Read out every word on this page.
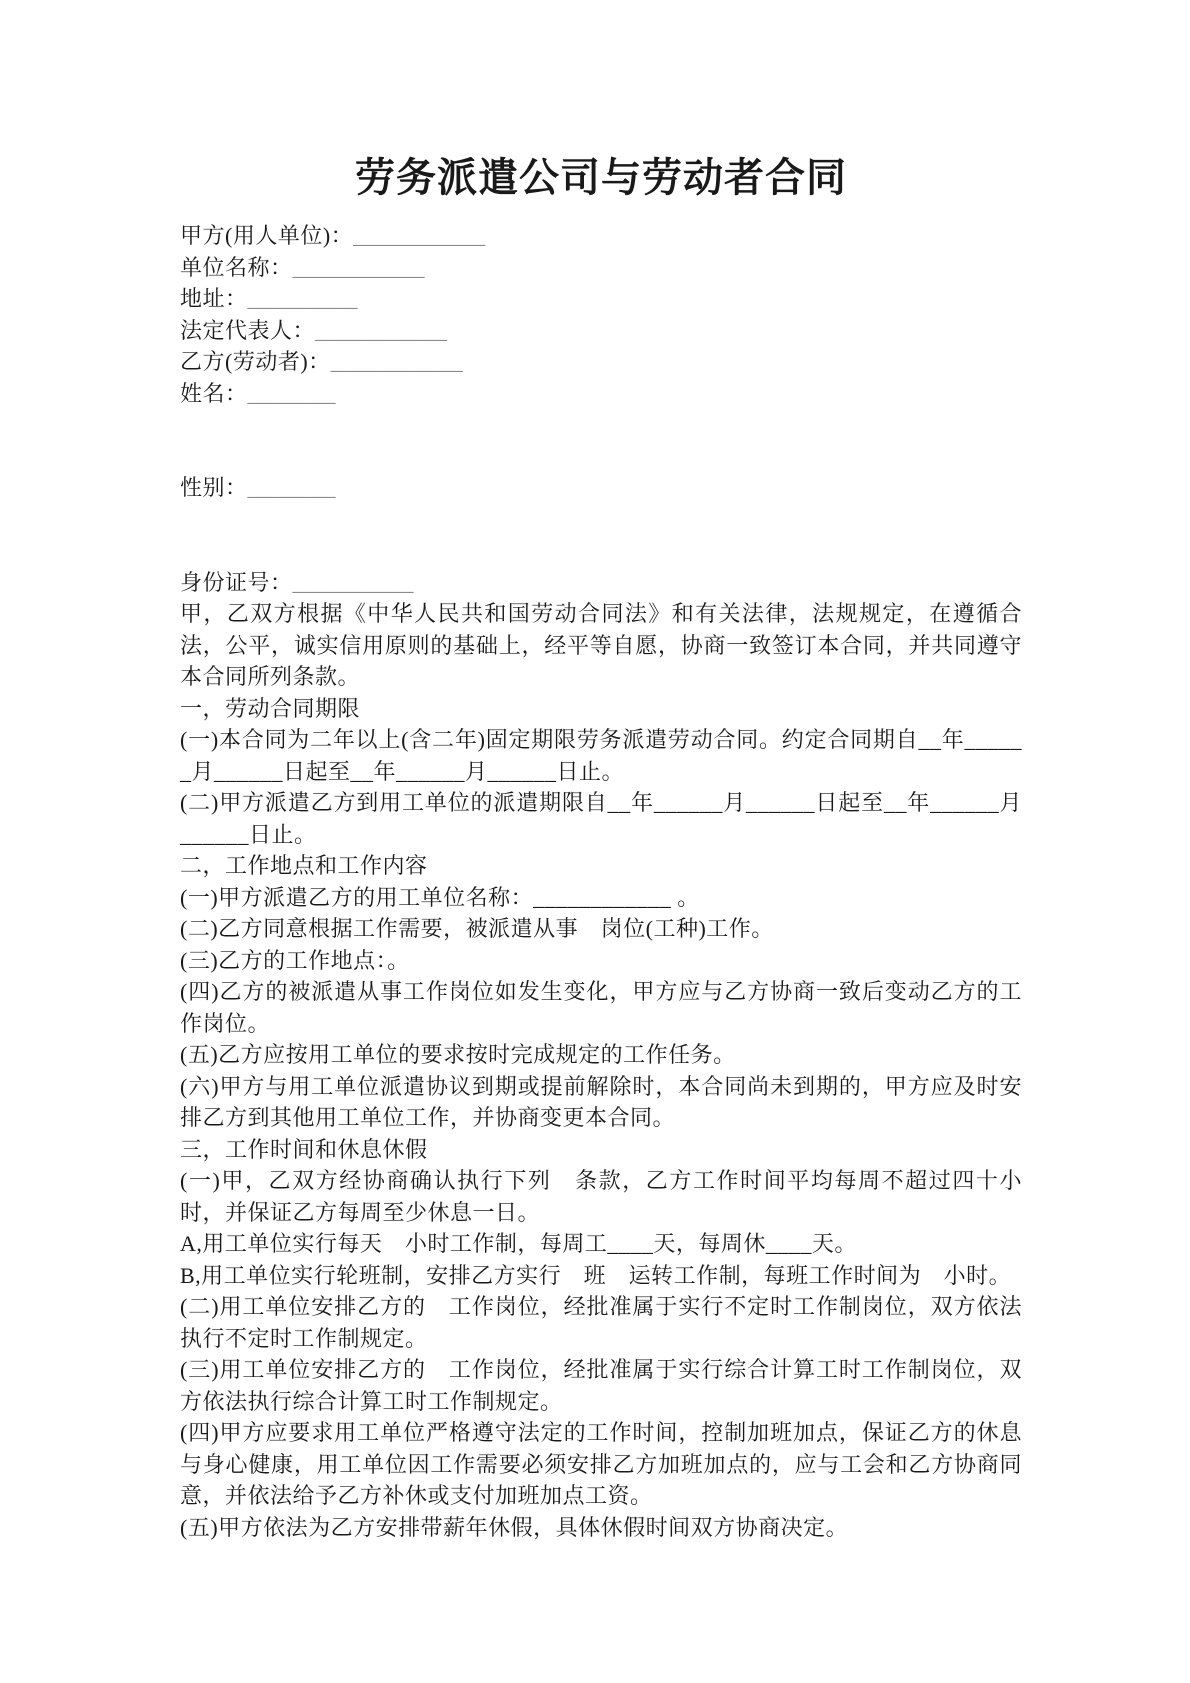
劳务派遣公司与劳动者合同

甲方(用人单位)：____________

单位名称：____________

地址：__________

法定代表人：____________

乙方(劳动者)：____________

姓名：________

性别：________

身份证号：___________

甲，乙双方根据《中华人民共和国劳动合同法》和有关法律，法规规定，在遵循合法，公平，诚实信用原则的基础上，经平等自愿，协商一致签订本合同，并共同遵守本合同所列条款。

一，劳动合同期限

(一)本合同为二年以上(含二年)固定期限劳务派遣劳动合同。约定合同期自__年______月______日起至__年______月______日止。

(二)甲方派遣乙方到用工单位的派遣期限自__年______月______日起至__年______月______日止。

二，工作地点和工作内容

(一)甲方派遣乙方的用工单位名称：____________ 。

(二)乙方同意根据工作需要，被派遣从事　岗位(工种)工作。

(三)乙方的工作地点：。

(四)乙方的被派遣从事工作岗位如发生变化，甲方应与乙方协商一致后变动乙方的工作岗位。

(五)乙方应按用工单位的要求按时完成规定的工作任务。

(六)甲方与用工单位派遣协议到期或提前解除时，本合同尚未到期的，甲方应及时安排乙方到其他用工单位工作，并协商变更本合同。

三，工作时间和休息休假

(一)甲，乙双方经协商确认执行下列　条款，乙方工作时间平均每周不超过四十小时，并保证乙方每周至少休息一日。

A,用工单位实行每天　小时工作制，每周工____天，每周休____天。

B,用工单位实行轮班制，安排乙方实行　班　运转工作制，每班工作时间为　小时。

(二)用工单位安排乙方的　工作岗位，经批准属于实行不定时工作制岗位，双方依法执行不定时工作制规定。

(三)用工单位安排乙方的　工作岗位，经批准属于实行综合计算工时工作制岗位，双方依法执行综合计算工时工作制规定。

(四)甲方应要求用工单位严格遵守法定的工作时间，控制加班加点，保证乙方的休息与身心健康，用工单位因工作需要必须安排乙方加班加点的，应与工会和乙方协商同意，并依法给予乙方补休或支付加班加点工资。

(五)甲方依法为乙方安排带薪年休假，具体休假时间双方协商决定。
